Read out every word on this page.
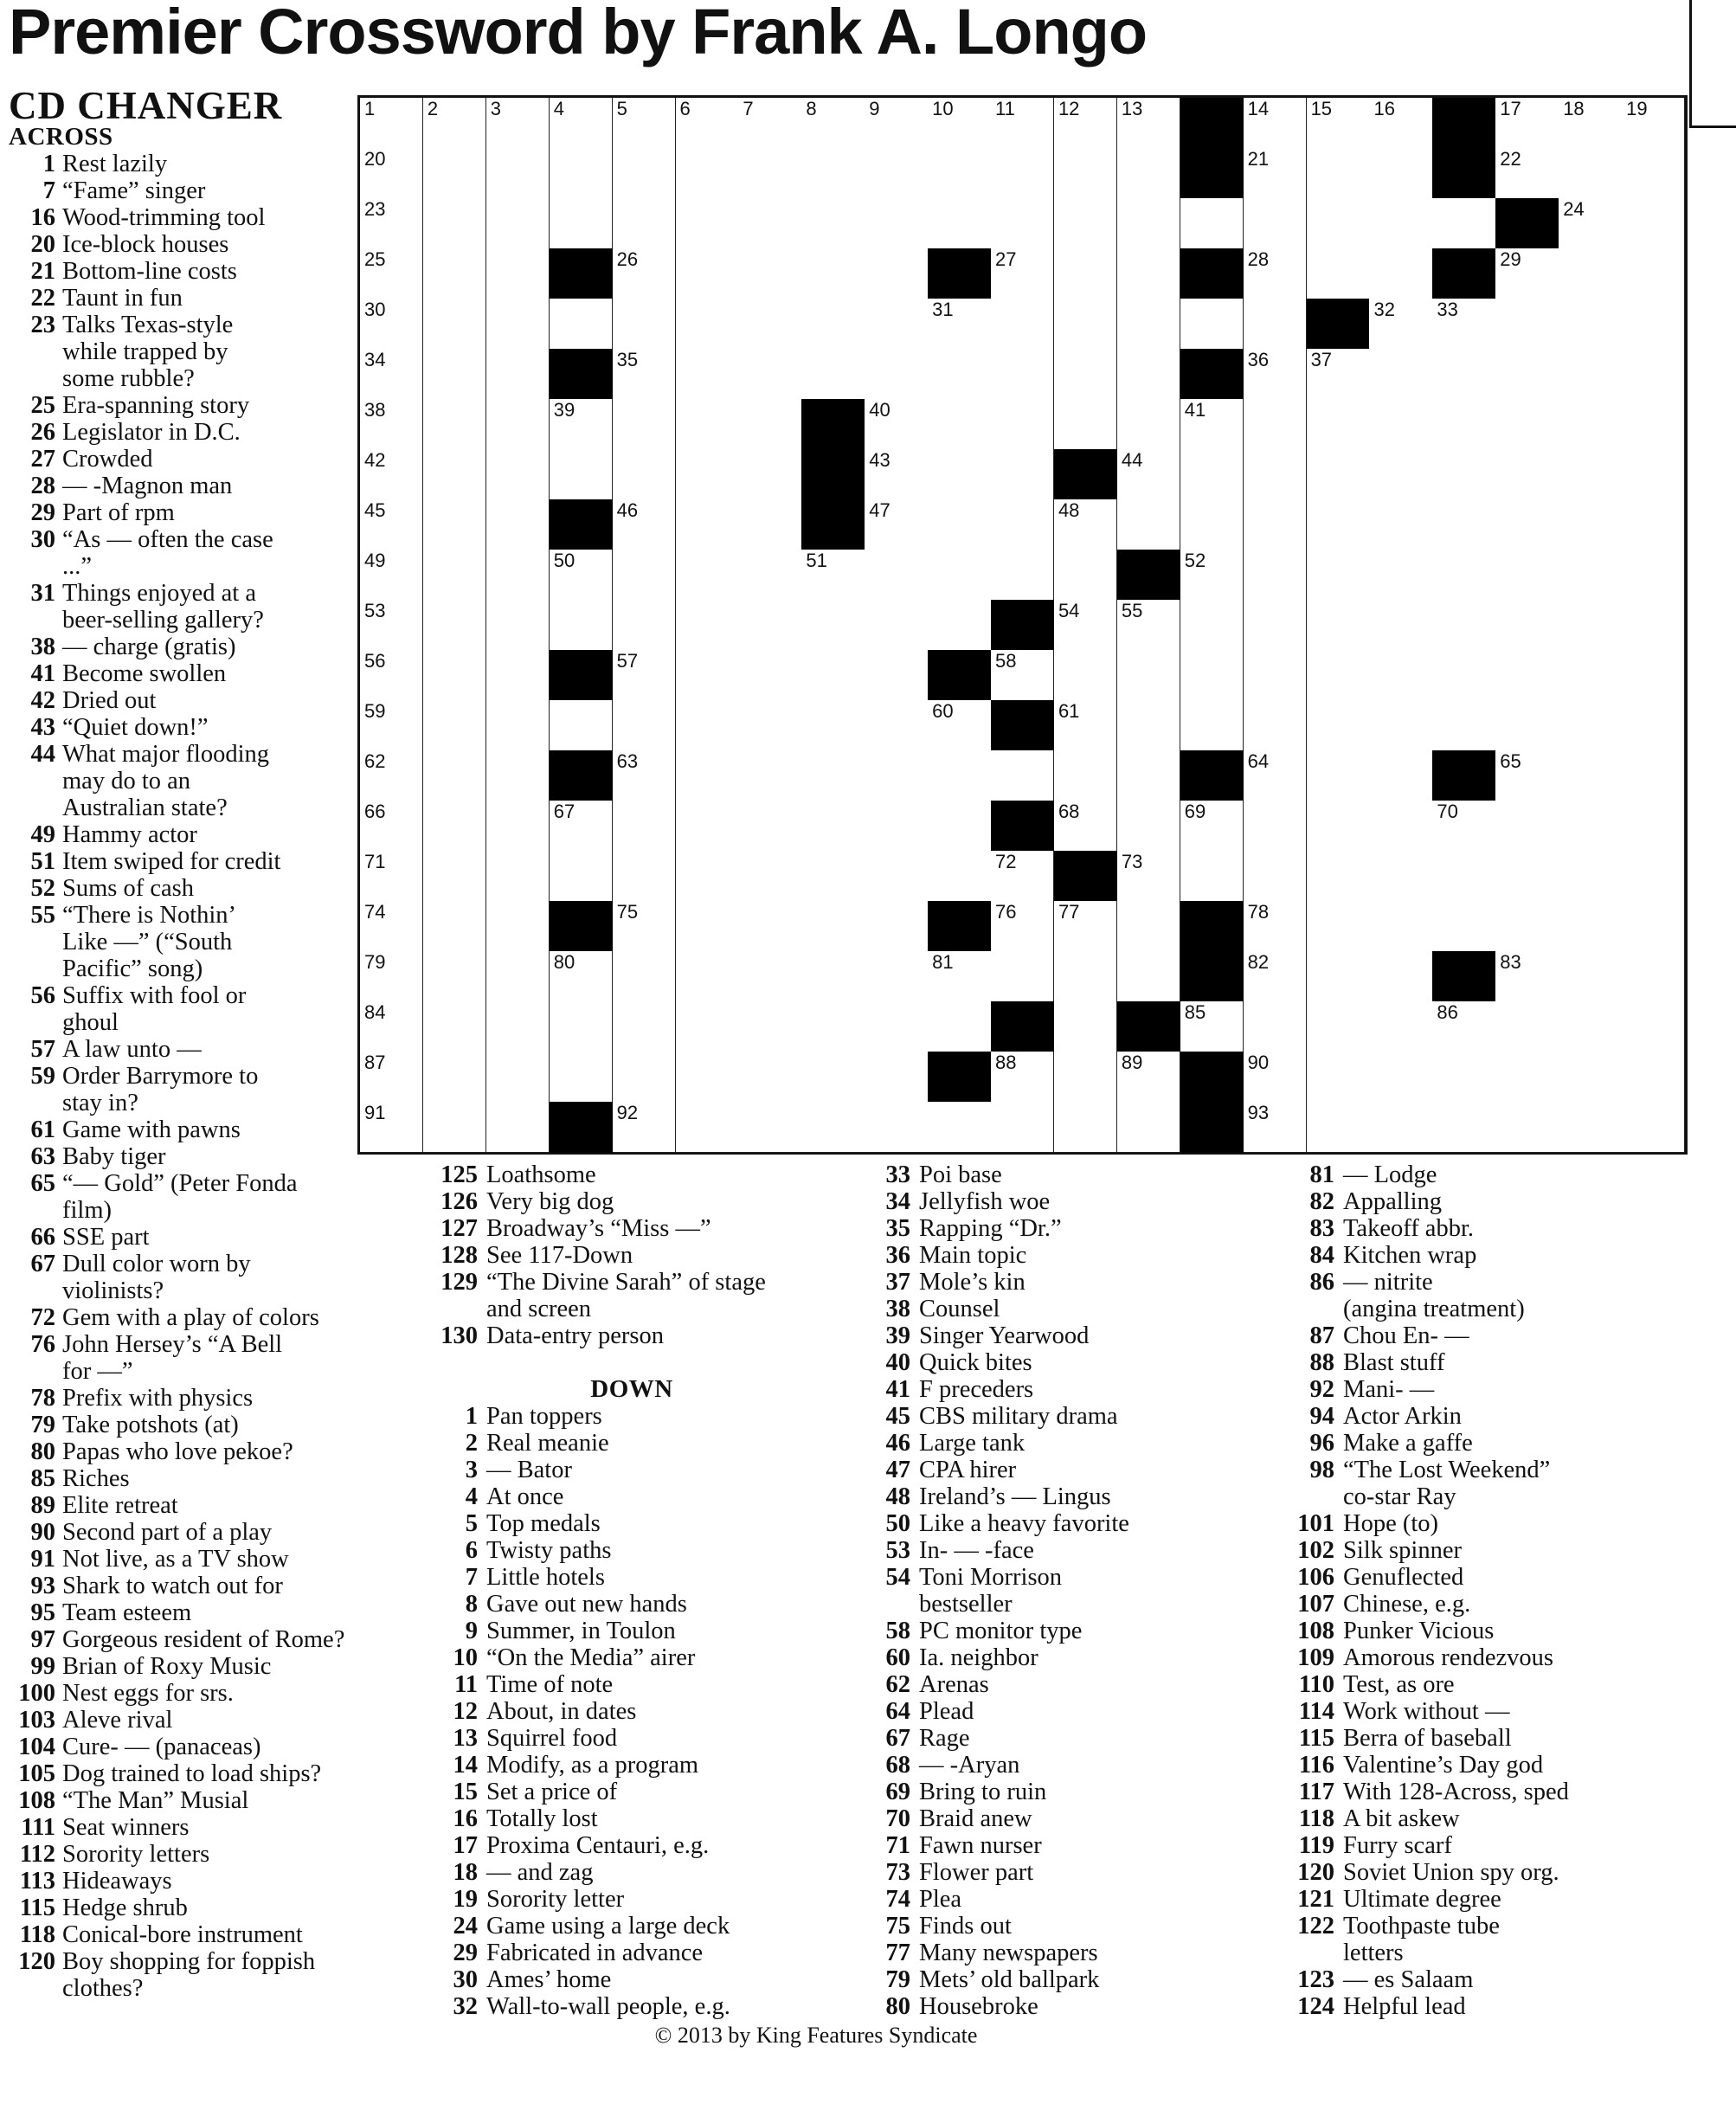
Premier Crossword by Frank A. Longo
CD CHANGER	1	2	3	4	5	6	7	8	9	10 11 12 13	14 15 16	17 18 19
20	21	22
23	24
25	26	27	28	29
30	31	32 33
34	35	36 37
38	39	40	41
42	43	44
45	46	47	48
49	50	51	52
53	54 55
56	57	58
59	60	61
62	63	64	65
66	67	68	69	70
71	72	73
74	75	76 77	78
79	80	81	82	83
84	85	86
87	88	89	90
91	92	93
ACROSS
1 Rest lazily
7 “Fame” singer
16 Wood-trimming tool
20 Ice-block houses
21 Bottom-line costs
22 Taunt in fun
23 Talks Texas-style
while trapped by
some rubble?
25 Era-spanning story
26 Legislator in D.C.
27 Crowded
28 — -Magnon man
29 Part of rpm
30 “As — often the case
...”
31 Things enjoyed at a
beer-selling gallery?
38 — charge (gratis)
41 Become swollen
42 Dried out
43 “Quiet down!”
44 What major flooding
may do to an
Australian state?
49 Hammy actor
51 Item swiped for credit
52 Sums of cash
55 “There is Nothin’
Like —” (“South
Pacific” song)
56 Suffix with fool or
ghoul
57 A law unto —
59 Order Barrymore to
stay in?
61 Game with pawns
63 Baby tiger
65 “— Gold” (Peter Fonda
film)
66 SSE part
67 Dull color worn by
violinists?
72 Gem with a play of colors
76 John Hersey’s “A Bell
for —”
78 Prefix with physics
79 Take potshots (at)
80 Papas who love pekoe?
85 Riches
89 Elite retreat
90 Second part of a play
91 Not live, as a TV show
93 Shark to watch out for
95 Team esteem
97 Gorgeous resident of Rome?
99 Brian of Roxy Music
100 Nest eggs for srs.
103 Aleve rival
104 Cure- — (panaceas)
105 Dog trained to load ships?
108 “The Man” Musial
111 Seat winners
112 Sorority letters
113 Hideaways
115 Hedge shrub
118 Conical-bore instrument
120 Boy shopping for foppish
clothes?
125 Loathsome
126 Very big dog
127 Broadway’s “Miss —”
128 See 117-Down
129 “The Divine Sarah” of stage
and screen
130 Data-entry person
DOWN
1 Pan toppers
2 Real meanie
3 — Bator
4 At once
5 Top medals
6 Twisty paths
7 Little hotels
8 Gave out new hands
9 Summer, in Toulon
10 “On the Media” airer
11 Time of note
12 About, in dates
13 Squirrel food
14 Modify, as a program
15 Set a price of
16 Totally lost
17 Proxima Centauri, e.g.
18 — and zag
19 Sorority letter
24 Game using a large deck
29 Fabricated in advance
30 Ames’ home
32 Wall-to-wall people, e.g.
33 Poi base
34 Jellyfish woe
35 Rapping “Dr.”
36 Main topic
37 Mole’s kin
38 Counsel
39 Singer Yearwood
40 Quick bites
41 F preceders
45 CBS military drama
46 Large tank
47 CPA hirer
48 Ireland’s — Lingus
50 Like a heavy favorite
53 In- — -face
54 Toni Morrison
bestseller
58 PC monitor type
60 Ia. neighbor
62 Arenas
64 Plead
67 Rage
68 — -Aryan
69 Bring to ruin
70 Braid anew
71 Fawn nurser
73 Flower part
74 Plea
75 Finds out
77 Many newspapers
79 Mets’ old ballpark
80 Housebroke
81 — Lodge
82 Appalling
83 Takeoff abbr.
84 Kitchen wrap
86 — nitrite
(angina treatment)
87 Chou En- —
88 Blast stuff
92 Mani- —
94 Actor Arkin
96 Make a gaffe
98 “The Lost Weekend”
co-star Ray
101 Hope (to)
102 Silk spinner
106 Genuflected
107 Chinese, e.g.
108 Punker Vicious
109 Amorous rendezvous
110 Test, as ore
114 Work without —
115 Berra of baseball
116 Valentine’s Day god
117 With 128-Across, sped
118 A bit askew
119 Furry scarf
120 Soviet Union spy org.
121 Ultimate degree
122 Toothpaste tube
letters
123 — es Salaam
124 Helpful lead
© 2013 by King Features Syndicate
